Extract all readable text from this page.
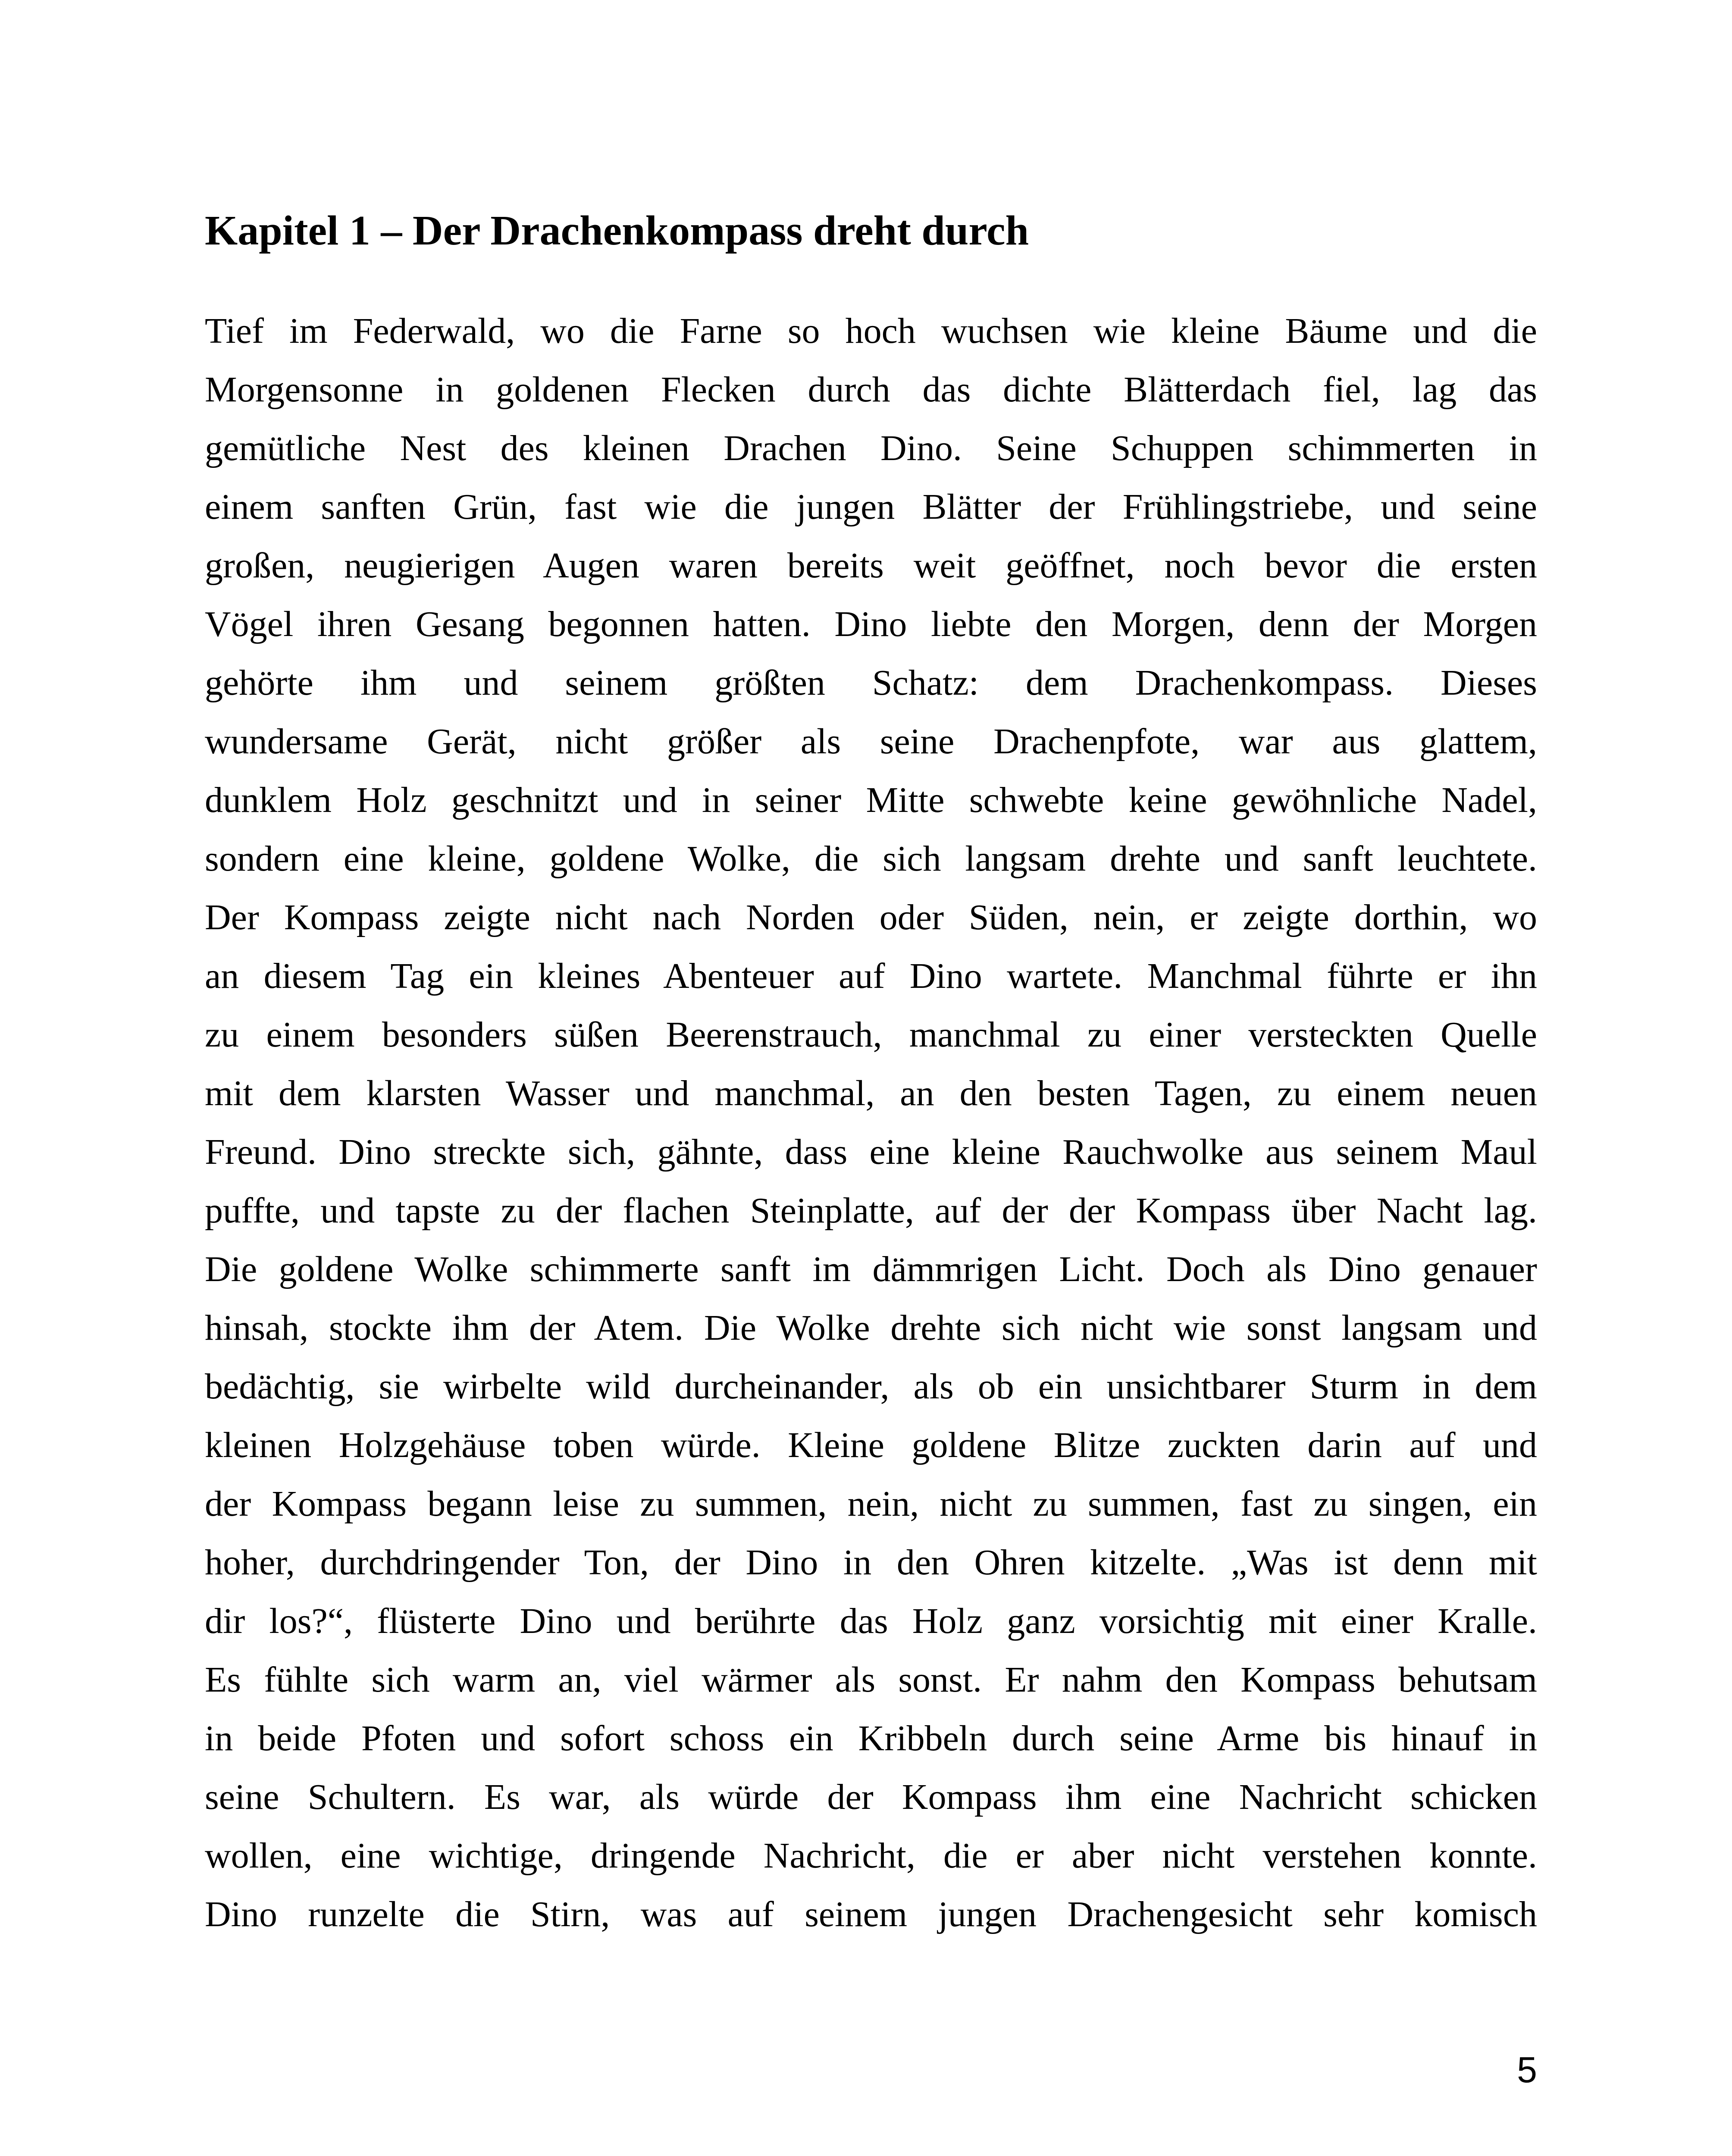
Kapitel 1 – Der Drachenkompass dreht durch
Tief im Federwald, wo die Farne so hoch wuchsen wie kleine Bäume und die
Morgensonne in goldenen Flecken durch das dichte Blätterdach fiel, lag das
gemütliche Nest des kleinen Drachen Dino. Seine Schuppen schimmerten in
einem sanften Grün, fast wie die jungen Blätter der Frühlingstriebe, und seine
großen, neugierigen Augen waren bereits weit geöffnet, noch bevor die ersten
Vögel ihren Gesang begonnen hatten. Dino liebte den Morgen, denn der Morgen
gehörte ihm und seinem größten Schatz: dem Drachenkompass. Dieses
wundersame Gerät, nicht größer als seine Drachenpfote, war aus glattem,
dunklem Holz geschnitzt und in seiner Mitte schwebte keine gewöhnliche Nadel,
sondern eine kleine, goldene Wolke, die sich langsam drehte und sanft leuchtete.
Der Kompass zeigte nicht nach Norden oder Süden, nein, er zeigte dorthin, wo
an diesem Tag ein kleines Abenteuer auf Dino wartete. Manchmal führte er ihn
zu einem besonders süßen Beerenstrauch, manchmal zu einer versteckten Quelle
mit dem klarsten Wasser und manchmal, an den besten Tagen, zu einem neuen
Freund. Dino streckte sich, gähnte, dass eine kleine Rauchwolke aus seinem Maul
puffte, und tapste zu der flachen Steinplatte, auf der der Kompass über Nacht lag.
Die goldene Wolke schimmerte sanft im dämmrigen Licht. Doch als Dino genauer
hinsah, stockte ihm der Atem. Die Wolke drehte sich nicht wie sonst langsam und
bedächtig, sie wirbelte wild durcheinander, als ob ein unsichtbarer Sturm in dem
kleinen Holzgehäuse toben würde. Kleine goldene Blitze zuckten darin auf und
der Kompass begann leise zu summen, nein, nicht zu summen, fast zu singen, ein
hoher, durchdringender Ton, der Dino in den Ohren kitzelte. „Was ist denn mit
dir los?“, flüsterte Dino und berührte das Holz ganz vorsichtig mit einer Kralle.
Es fühlte sich warm an, viel wärmer als sonst. Er nahm den Kompass behutsam
in beide Pfoten und sofort schoss ein Kribbeln durch seine Arme bis hinauf in
seine Schultern. Es war, als würde der Kompass ihm eine Nachricht schicken
wollen, eine wichtige, dringende Nachricht, die er aber nicht verstehen konnte.
Dino runzelte die Stirn, was auf seinem jungen Drachengesicht sehr komisch
5
